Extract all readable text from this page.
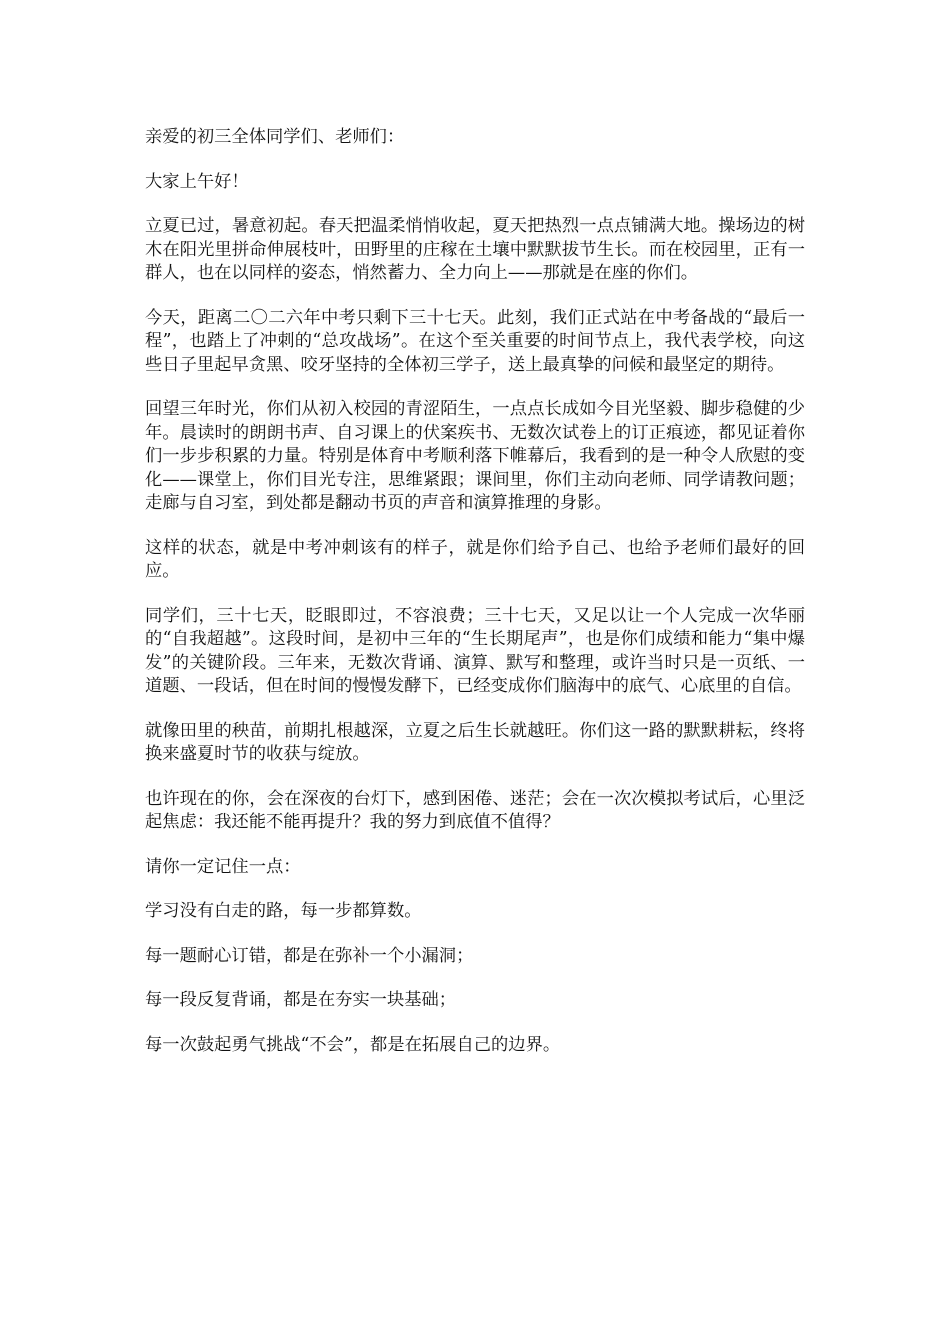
亲爱的初三全体同学们、老师们：

大家上午好！

立夏已过，暑意初起。春天把温柔悄悄收起，夏天把热烈一点点铺满大地。操场边的树木在阳光里拼命伸展枝叶，田野里的庄稼在土壤中默默拔节生长。而在校园里，正有一群人，也在以同样的姿态，悄然蓄力、全力向上——那就是在座的你们。

今天，距离二〇二六年中考只剩下三十七天。此刻，我们正式站在中考备战的“最后一程”，也踏上了冲刺的“总攻战场”。在这个至关重要的时间节点上，我代表学校，向这些日子里起早贪黑、咬牙坚持的全体初三学子，送上最真挚的问候和最坚定的期待。

回望三年时光，你们从初入校园的青涩陌生，一点点长成如今目光坚毅、脚步稳健的少年。晨读时的朗朗书声、自习课上的伏案疾书、无数次试卷上的订正痕迹，都见证着你们一步步积累的力量。特别是体育中考顺利落下帷幕后，我看到的是一种令人欣慰的变化——课堂上，你们目光专注，思维紧跟；课间里，你们主动向老师、同学请教问题；走廊与自习室，到处都是翻动书页的声音和演算推理的身影。

这样的状态，就是中考冲刺该有的样子，就是你们给予自己、也给予老师们最好的回应。

同学们，三十七天，眨眼即过，不容浪费；三十七天，又足以让一个人完成一次华丽的“自我超越”。这段时间，是初中三年的“生长期尾声”，也是你们成绩和能力“集中爆发”的关键阶段。三年来，无数次背诵、演算、默写和整理，或许当时只是一页纸、一道题、一段话，但在时间的慢慢发酵下，已经变成你们脑海中的底气、心底里的自信。

就像田里的秧苗，前期扎根越深，立夏之后生长就越旺。你们这一路的默默耕耘，终将换来盛夏时节的收获与绽放。

也许现在的你，会在深夜的台灯下，感到困倦、迷茫；会在一次次模拟考试后，心里泛起焦虑：我还能不能再提升？我的努力到底值不值得？

请你一定记住一点：

学习没有白走的路，每一步都算数。

每一题耐心订错，都是在弥补一个小漏洞；

每一段反复背诵，都是在夯实一块基础；

每一次鼓起勇气挑战“不会”，都是在拓展自己的边界。
